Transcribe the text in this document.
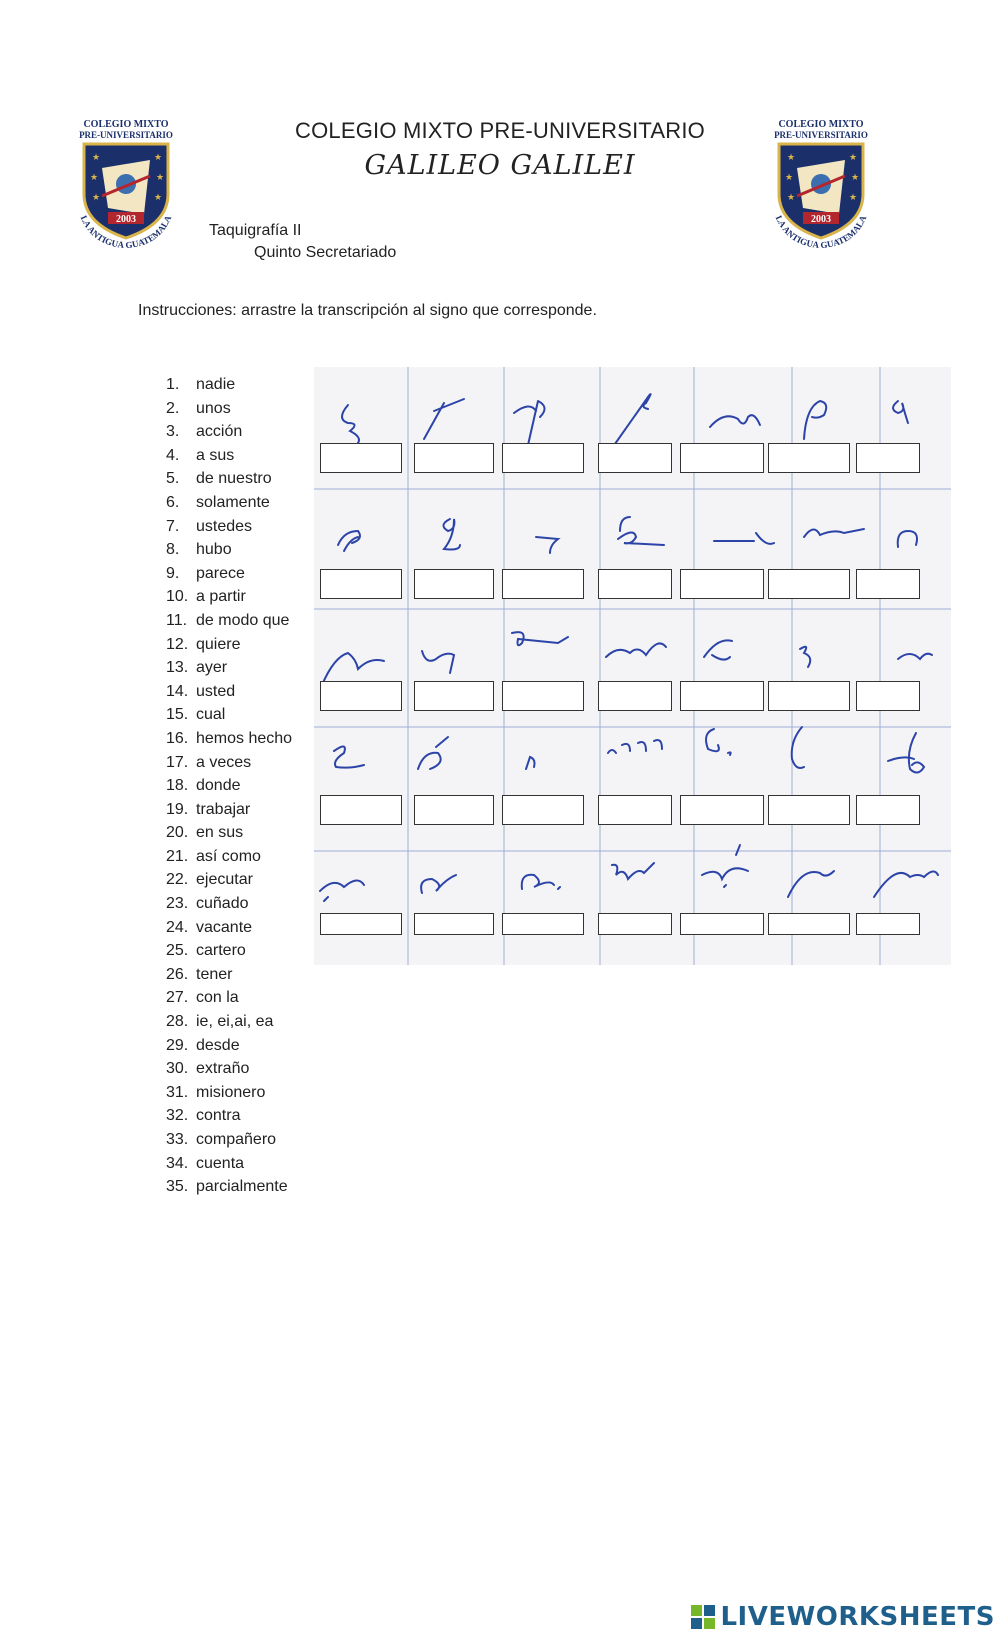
COLEGIO MIXTO
PRE-UNIVERSITARIO
★	★
★	★
★	★
2003
LA ANTIGUA GUATEMALA
COLEGIO MIXTO
PRE-UNIVERSITARIO
★	★
★	★
★	★
2003
LA ANTIGUA GUATEMALA
COLEGIO MIXTO PRE-UNIVERSITARIO
GALILEO GALILEI
Taquigrafía II
Quinto Secretariado
Instrucciones: arrastre la transcripción al signo que corresponde.
1. nadie
2. unos
3. acción
4. a sus
5. de nuestro
6. solamente
7. ustedes
8. hubo
9. parece
10. a partir
11. de modo que
12. quiere
13. ayer
14. usted
15. cual
16. hemos hecho
17. a veces
18. donde
19. trabajar
20. en sus
21. así como
22. ejecutar
23. cuñado
24. vacante
25. cartero
26. tener
27. con la
28. ie, ei,ai, ea
29. desde
30. extraño
31. misionero
32. contra
33. compañero
34. cuenta
35. parcialmente
LIVEWORKSHEETS
